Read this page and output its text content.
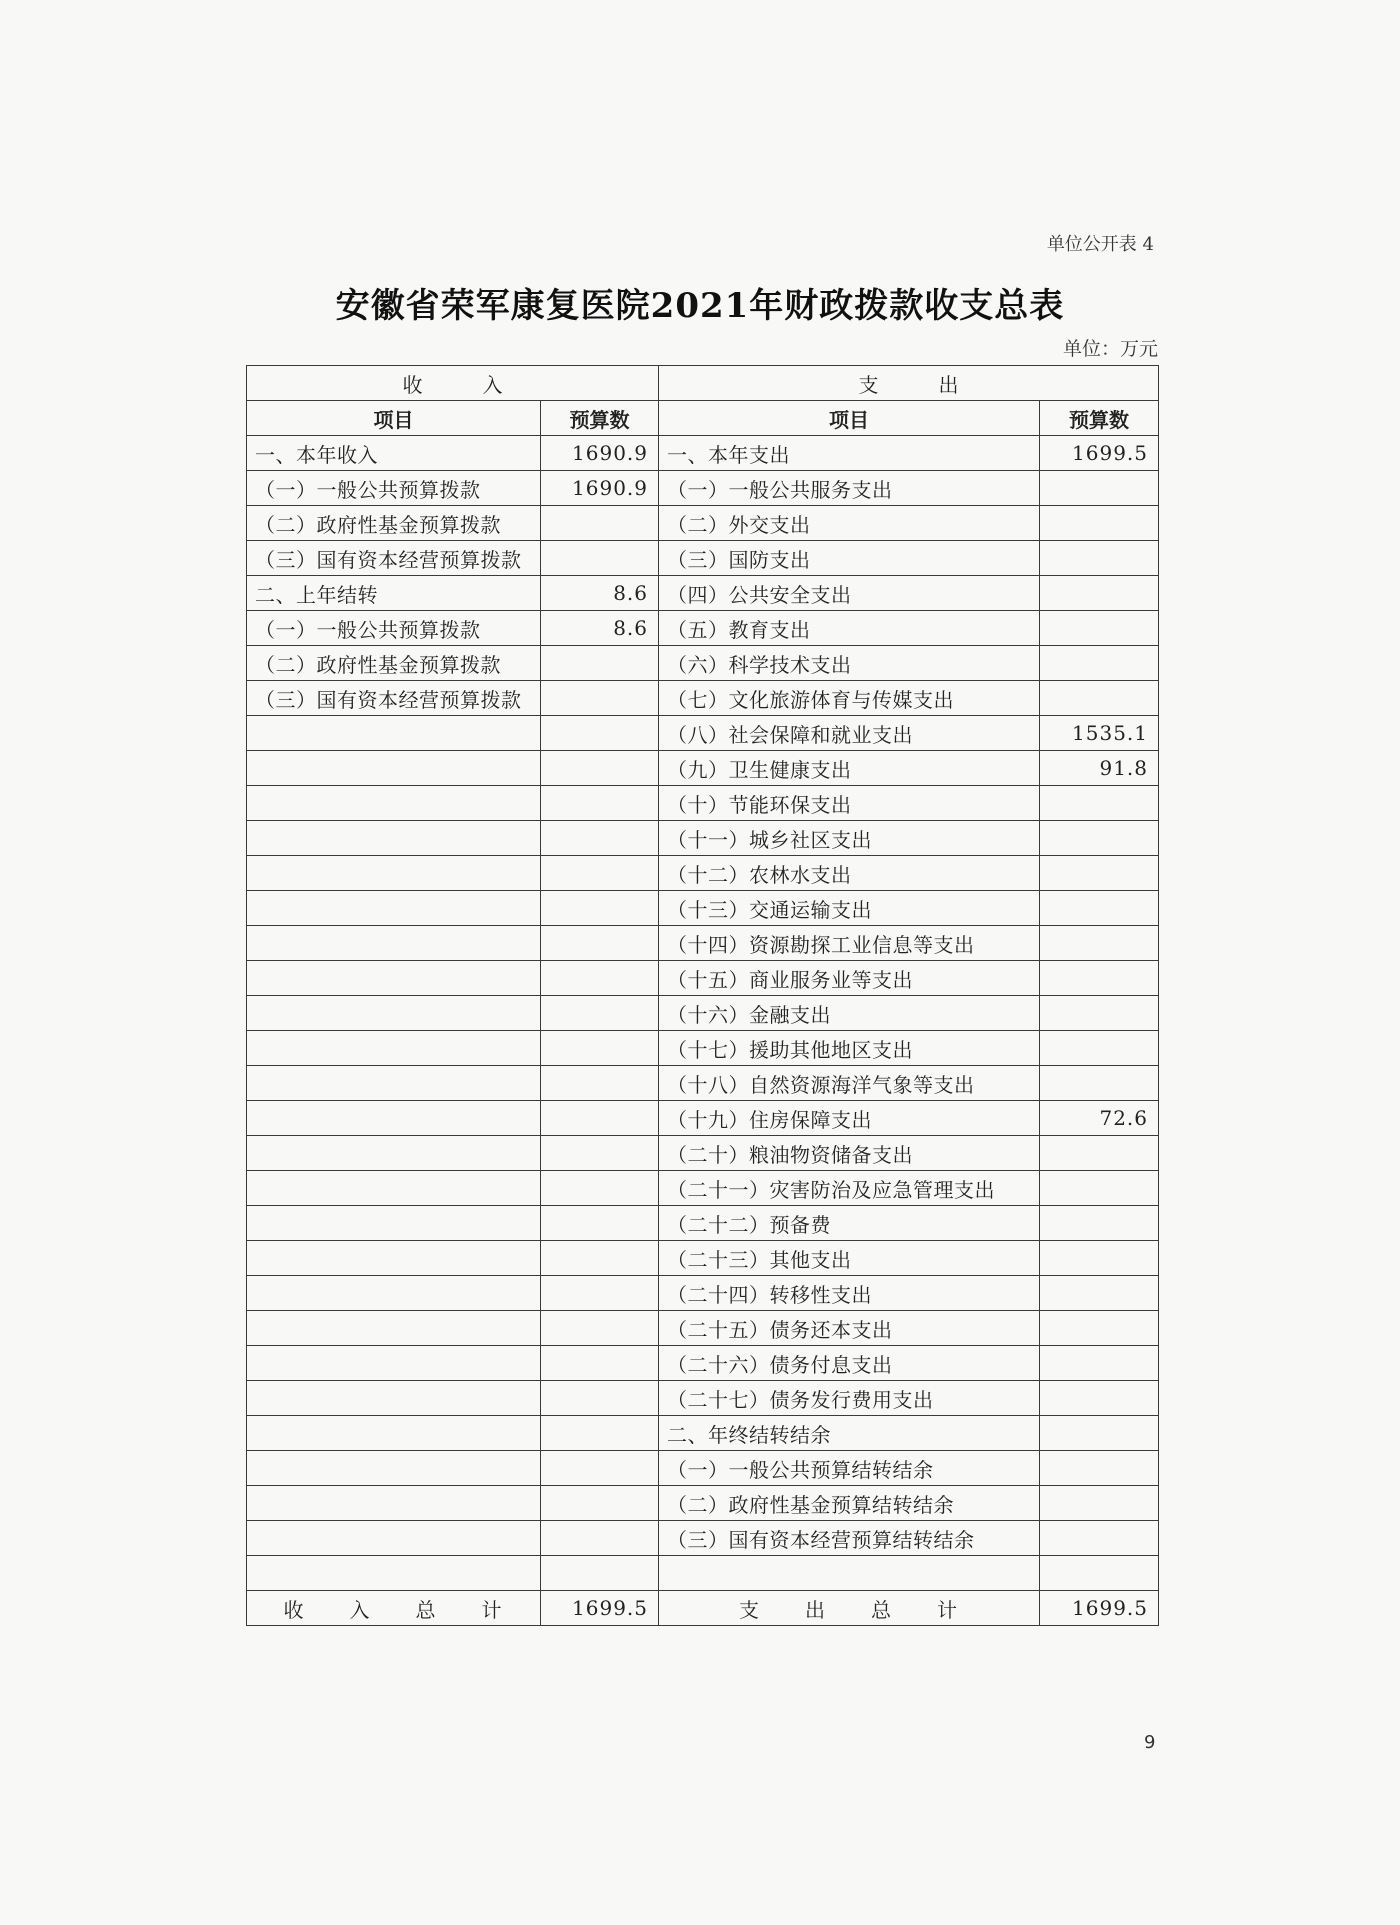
单位公开表 4
安徽省荣军康复医院2021年财政拨款收支总表
单位：万元
收　　　入		支　　　出	
项目	预算数	项目	预算数
一、本年收入	1690.9	一、本年支出	1699.5
（一）一般公共预算拨款	1690.9	（一）一般公共服务支出	
（二）政府性基金预算拨款		（二）外交支出	
（三）国有资本经营预算拨款		（三）国防支出	
二、上年结转	8.6	（四）公共安全支出	
（一）一般公共预算拨款	8.6	（五）教育支出	
（二）政府性基金预算拨款		（六）科学技术支出	
（三）国有资本经营预算拨款		（七）文化旅游体育与传媒支出	
		（八）社会保障和就业支出	1535.1
		（九）卫生健康支出	91.8
		（十）节能环保支出	
		（十一）城乡社区支出	
		（十二）农林水支出	
		（十三）交通运输支出	
		（十四）资源勘探工业信息等支出	
		（十五）商业服务业等支出	
		（十六）金融支出	
		（十七）援助其他地区支出	
		（十八）自然资源海洋气象等支出	
		（十九）住房保障支出	72.6
		（二十）粮油物资储备支出	
		（二十一）灾害防治及应急管理支出	
		（二十二）预备费	
		（二十三）其他支出	
		（二十四）转移性支出	
		（二十五）债务还本支出	
		（二十六）债务付息支出	
		（二十七）债务发行费用支出	
		二、年终结转结余	
		（一）一般公共预算结转结余	
		（二）政府性基金预算结转结余	
		（三）国有资本经营预算结转结余	

收　　入　　总　　计	1699.5	支　　出　　总　　计	1699.5
9
